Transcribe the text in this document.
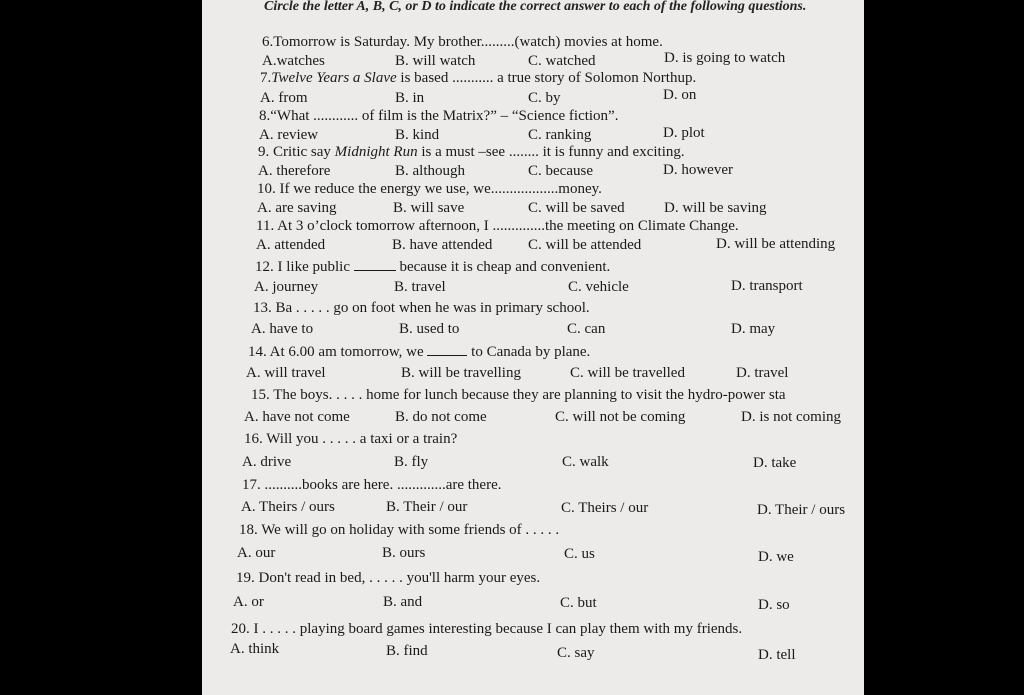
Circle the letter A, B, C, or D to indicate the correct answer to each of the following questions.
6.Tomorrow is Saturday. My brother.........(watch) movies at home.
A.watches	B. will watch	C. watched	D. is going to watch
7.Twelve Years a Slave is based ........... a true story of Solomon Northup.
A. from	B. in	C. by	D. on
8.“What ............ of film is the Matrix?” – “Science fiction”.
A. review	B. kind	C. ranking	D. plot
9. Critic say Midnight Run is a must –see ........ it is funny and exciting.
A. therefore	B. although	C. because	D. however
10. If we reduce the energy we use, we..................money.
A. are saving	B. will save	C. will be saved	D. will be saving
11. At 3 o’clock tomorrow afternoon, I ..............the meeting on Climate Change.
A. attended	B. have attended C. will be attended	D. will be attending
12. I like public	because it is cheap and convenient.
A. journey	B. travel	C. vehicle	D. transport
13. Ba . . . . . go on foot when he was in primary school.
A. have to	B. used to	C. can	D. may
14. At 6.00 am tomorrow, we	to Canada by plane.
A. will travel	B. will be travelling	C. will be travelled	D. travel
15. The boys. . . . . home for lunch because they are planning to visit the hydro-power sta
A. have not come	B. do not come	C. will not be coming	D. is not coming
16. Will you . . . . . a taxi or a train?
A. drive	B. fly	C. walk	D. take
17. ..........books are here. .............are there.
A. Theirs / ours	B. Their / our	C. Theirs / our	D. Their / ours
18. We will go on holiday with some friends of . . . . .
A. our	B. ours	C. us	D. we
19. Don't read in bed, . . . . . you'll harm your eyes.
A. or	B. and	C. but	D. so
20. I . . . . . playing board games interesting because I can play them with my friends.
A. think	B. find	C. say	D. tell
